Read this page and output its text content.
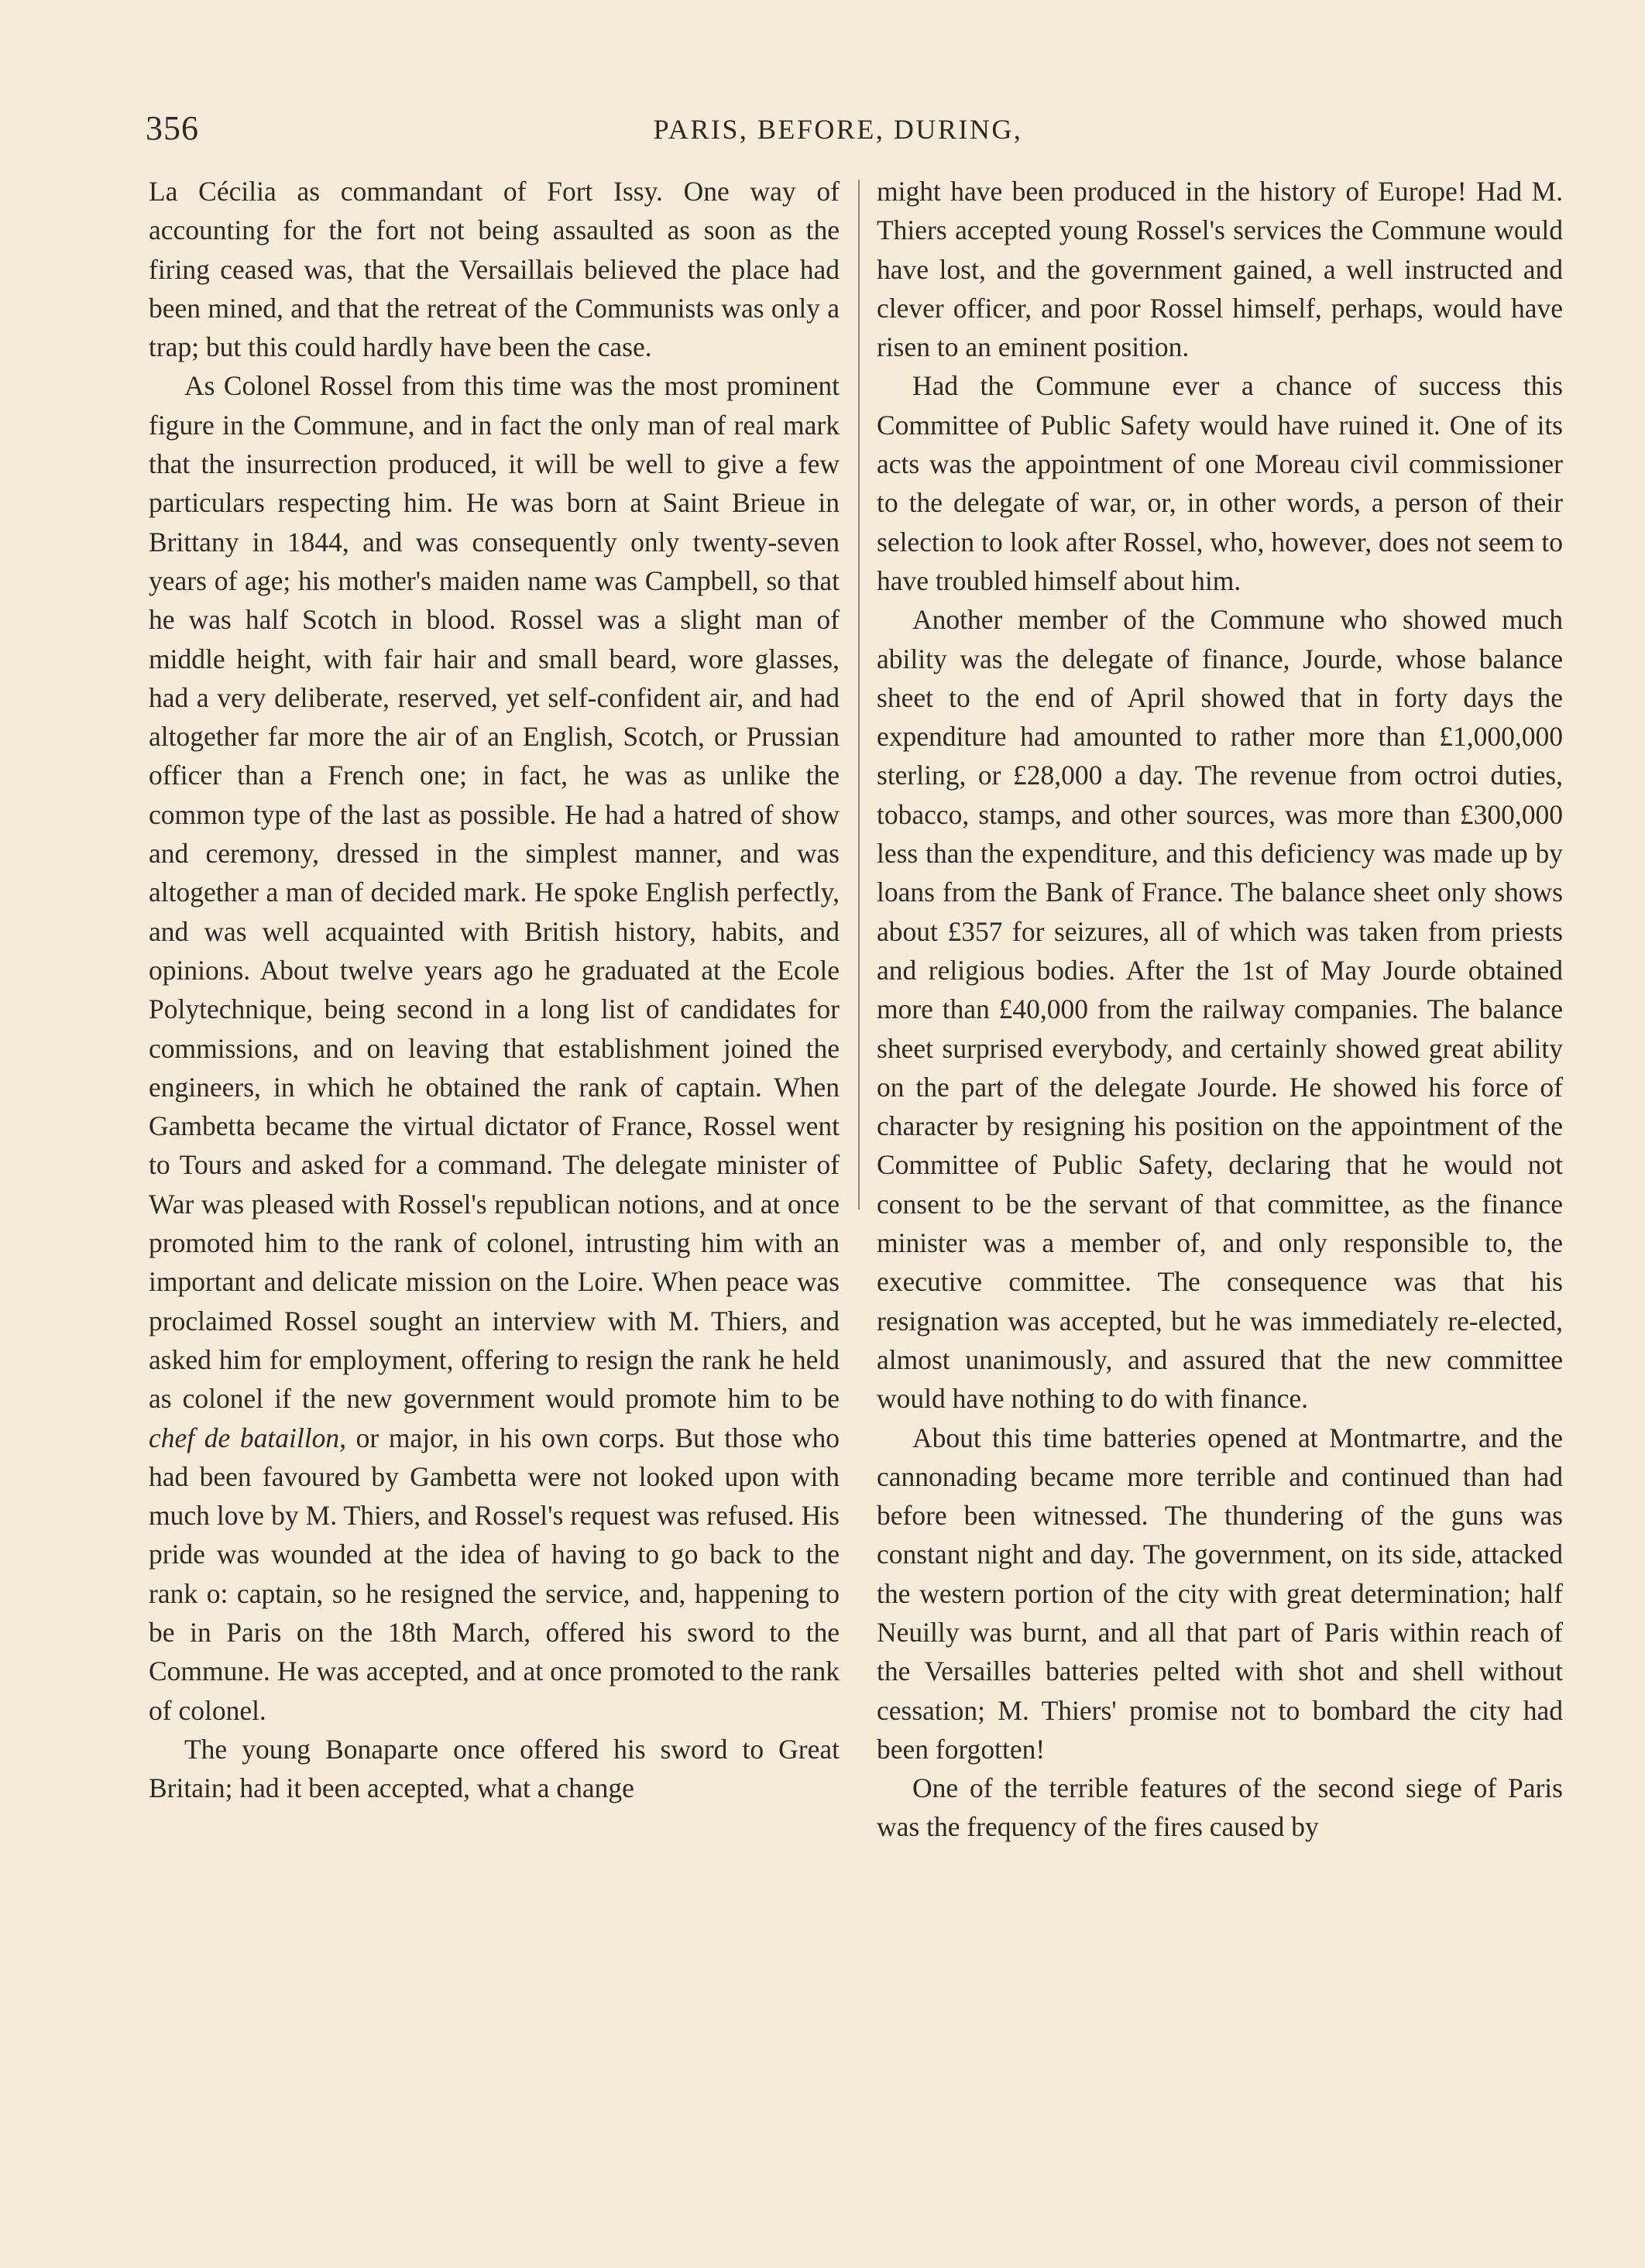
356	PARIS, BEFORE, DURING,

La Cécilia as commandant of Fort Issy. One way of accounting for the fort not being assaulted as soon as the firing ceased was, that the Versaillais believed the place had been mined, and that the retreat of the Communists was only a trap; but this could hardly have been the case.

As Colonel Rossel from this time was the most prominent figure in the Commune, and in fact the only man of real mark that the insurrection produced, it will be well to give a few particulars respecting him. He was born at Saint Brieue in Brittany in 1844, and was consequently only twenty-seven years of age; his mother's maiden name was Campbell, so that he was half Scotch in blood. Rossel was a slight man of middle height, with fair hair and small beard, wore glasses, had a very deliberate, reserved, yet self-confident air, and had altogether far more the air of an English, Scotch, or Prussian officer than a French one; in fact, he was as unlike the common type of the last as possible. He had a hatred of show and ceremony, dressed in the simplest manner, and was altogether a man of decided mark. He spoke English perfectly, and was well acquainted with British history, habits, and opinions. About twelve years ago he graduated at the Ecole Polytechnique, being second in a long list of candidates for commissions, and on leaving that establishment joined the engineers, in which he obtained the rank of captain. When Gambetta became the virtual dictator of France, Rossel went to Tours and asked for a command. The delegate minister of War was pleased with Rossel's republican notions, and at once promoted him to the rank of colonel, intrusting him with an important and delicate mission on the Loire. When peace was proclaimed Rossel sought an interview with M. Thiers, and asked him for employment, offering to resign the rank he held as colonel if the new government would promote him to be chef de bataillon, or major, in his own corps. But those who had been favoured by Gambetta were not looked upon with much love by M. Thiers, and Rossel's request was refused. His pride was wounded at the idea of having to go back to the rank o: captain, so he resigned the service, and, happening to be in Paris on the 18th March, offered his sword to the Commune. He was accepted, and at once promoted to the rank of colonel.

The young Bonaparte once offered his sword to Great Britain; had it been accepted, what a change

might have been produced in the history of Europe! Had M. Thiers accepted young Rossel's services the Commune would have lost, and the government gained, a well instructed and clever officer, and poor Rossel himself, perhaps, would have risen to an eminent position.

Had the Commune ever a chance of success this Committee of Public Safety would have ruined it. One of its acts was the appointment of one Moreau civil commissioner to the delegate of war, or, in other words, a person of their selection to look after Rossel, who, however, does not seem to have troubled himself about him.

Another member of the Commune who showed much ability was the delegate of finance, Jourde, whose balance sheet to the end of April showed that in forty days the expenditure had amounted to rather more than £1,000,000 sterling, or £28,000 a day. The revenue from octroi duties, tobacco, stamps, and other sources, was more than £300,000 less than the expenditure, and this deficiency was made up by loans from the Bank of France. The balance sheet only shows about £357 for seizures, all of which was taken from priests and religious bodies. After the 1st of May Jourde obtained more than £40,000 from the railway companies. The balance sheet surprised everybody, and certainly showed great ability on the part of the delegate Jourde. He showed his force of character by resigning his position on the appointment of the Committee of Public Safety, declaring that he would not consent to be the servant of that committee, as the finance minister was a member of, and only responsible to, the executive committee. The consequence was that his resignation was accepted, but he was immediately re-elected, almost unanimously, and assured that the new committee would have nothing to do with finance.

About this time batteries opened at Montmartre, and the cannonading became more terrible and continued than had before been witnessed. The thundering of the guns was constant night and day. The government, on its side, attacked the western portion of the city with great determination; half Neuilly was burnt, and all that part of Paris within reach of the Versailles batteries pelted with shot and shell without cessation; M. Thiers' promise not to bombard the city had been forgotten!

One of the terrible features of the second siege of Paris was the frequency of the fires caused by
